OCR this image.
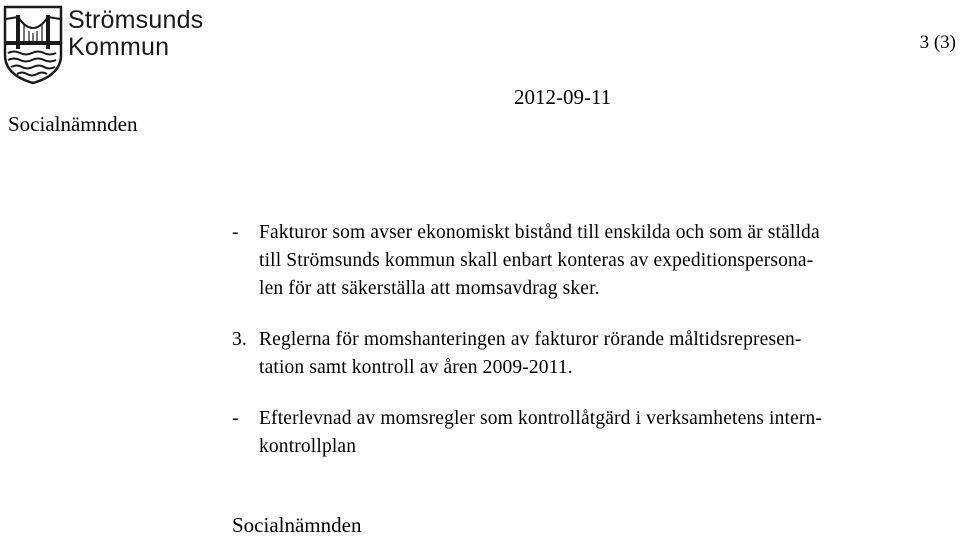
Strömsunds
Kommun	3 (3)
Socialnämnden
2012-09-11
- Fakturor som avser ekonomiskt bistånd till enskilda och som är ställda
till Strömsunds kommun skall enbart konteras av expeditionspersona-
len för att säkerställa att momsavdrag sker.
3. Reglerna för momshanteringen av fakturor rörande måltidsrepresen-
tation samt kontroll av åren 2009-2011.
- Efterlevnad av momsregler som kontrollåtgärd i verksamhetens intern-
kontrollplan
Socialnämnden
